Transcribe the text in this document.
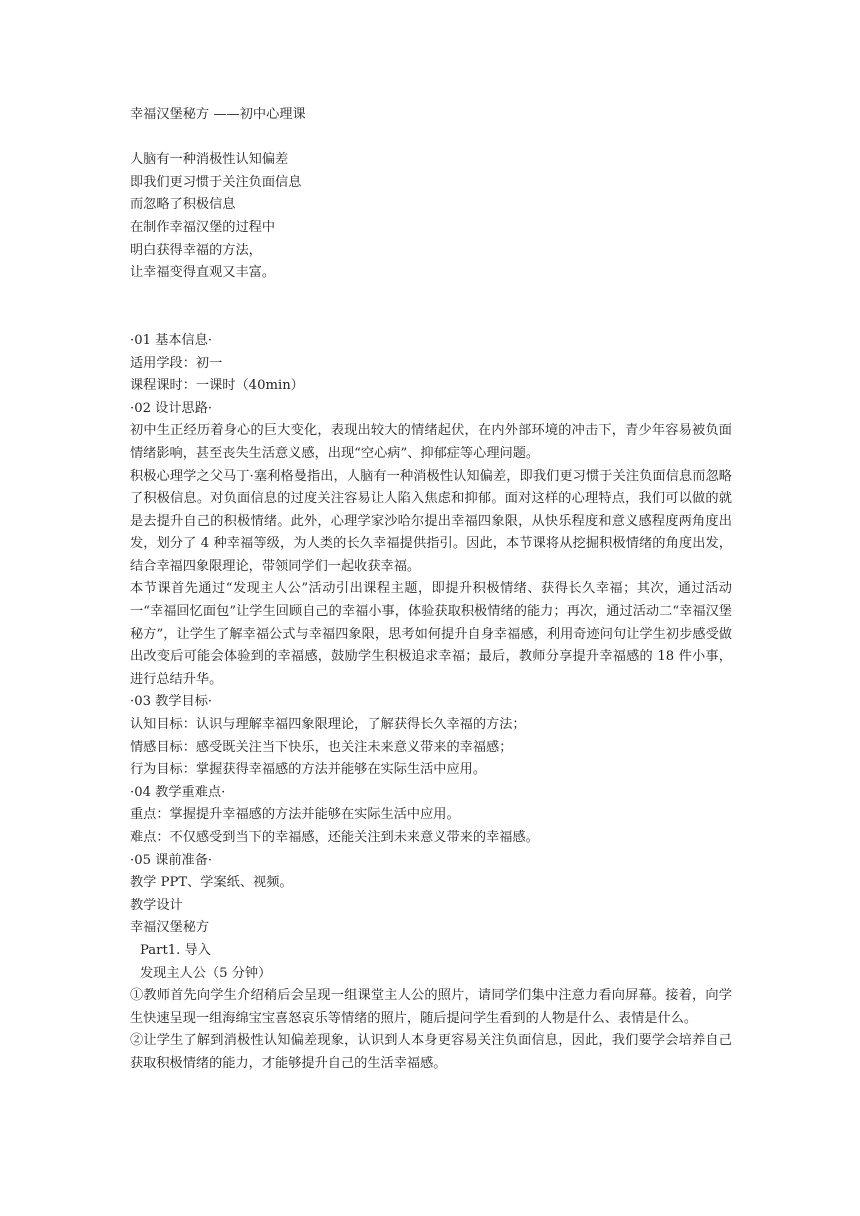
幸福汉堡秘方 ——初中心理课
人脑有一种消极性认知偏差
即我们更习惯于关注负面信息
而忽略了积极信息
在制作幸福汉堡的过程中
明白获得幸福的方法，
让幸福变得直观又丰富。
·01 基本信息·
适用学段：初一
课程课时：一课时（40min）
·02 设计思路·
初中生正经历着身心的巨大变化，表现出较大的情绪起伏，在内外部环境的冲击下，青少年容易被负面情绪影响，甚至丧失生活意义感，出现“空心病”、抑郁症等心理问题。
积极心理学之父马丁·塞利格曼指出，人脑有一种消极性认知偏差，即我们更习惯于关注负面信息而忽略了积极信息。对负面信息的过度关注容易让人陷入焦虑和抑郁。面对这样的心理特点，我们可以做的就是去提升自己的积极情绪。此外，心理学家沙哈尔提出幸福四象限，从快乐程度和意义感程度两角度出发，划分了 4 种幸福等级，为人类的长久幸福提供指引。因此，本节课将从挖掘积极情绪的角度出发，结合幸福四象限理论，带领同学们一起收获幸福。
本节课首先通过“发现主人公”活动引出课程主题，即提升积极情绪、获得长久幸福；其次，通过活动一“幸福回忆面包”让学生回顾自己的幸福小事，体验获取积极情绪的能力；再次，通过活动二“幸福汉堡秘方”，让学生了解幸福公式与幸福四象限，思考如何提升自身幸福感，利用奇迹问句让学生初步感受做出改变后可能会体验到的幸福感，鼓励学生积极追求幸福；最后，教师分享提升幸福感的 18 件小事，进行总结升华。
·03 教学目标·
认知目标：认识与理解幸福四象限理论，了解获得长久幸福的方法；
情感目标：感受既关注当下快乐，也关注未来意义带来的幸福感；
行为目标：掌握获得幸福感的方法并能够在实际生活中应用。
·04 教学重难点·
重点：掌握提升幸福感的方法并能够在实际生活中应用。
难点：不仅感受到当下的幸福感，还能关注到未来意义带来的幸福感。
·05 课前准备·
教学 PPT、学案纸、视频。
教学设计
幸福汉堡秘方
Part1. 导入
发现主人公（5 分钟）
①教师首先向学生介绍稍后会呈现一组课堂主人公的照片，请同学们集中注意力看向屏幕。接着，向学生快速呈现一组海绵宝宝喜怒哀乐等情绪的照片，随后提问学生看到的人物是什么、表情是什么。
②让学生了解到消极性认知偏差现象，认识到人本身更容易关注负面信息，因此，我们要学会培养自己获取积极情绪的能力，才能够提升自己的生活幸福感。
